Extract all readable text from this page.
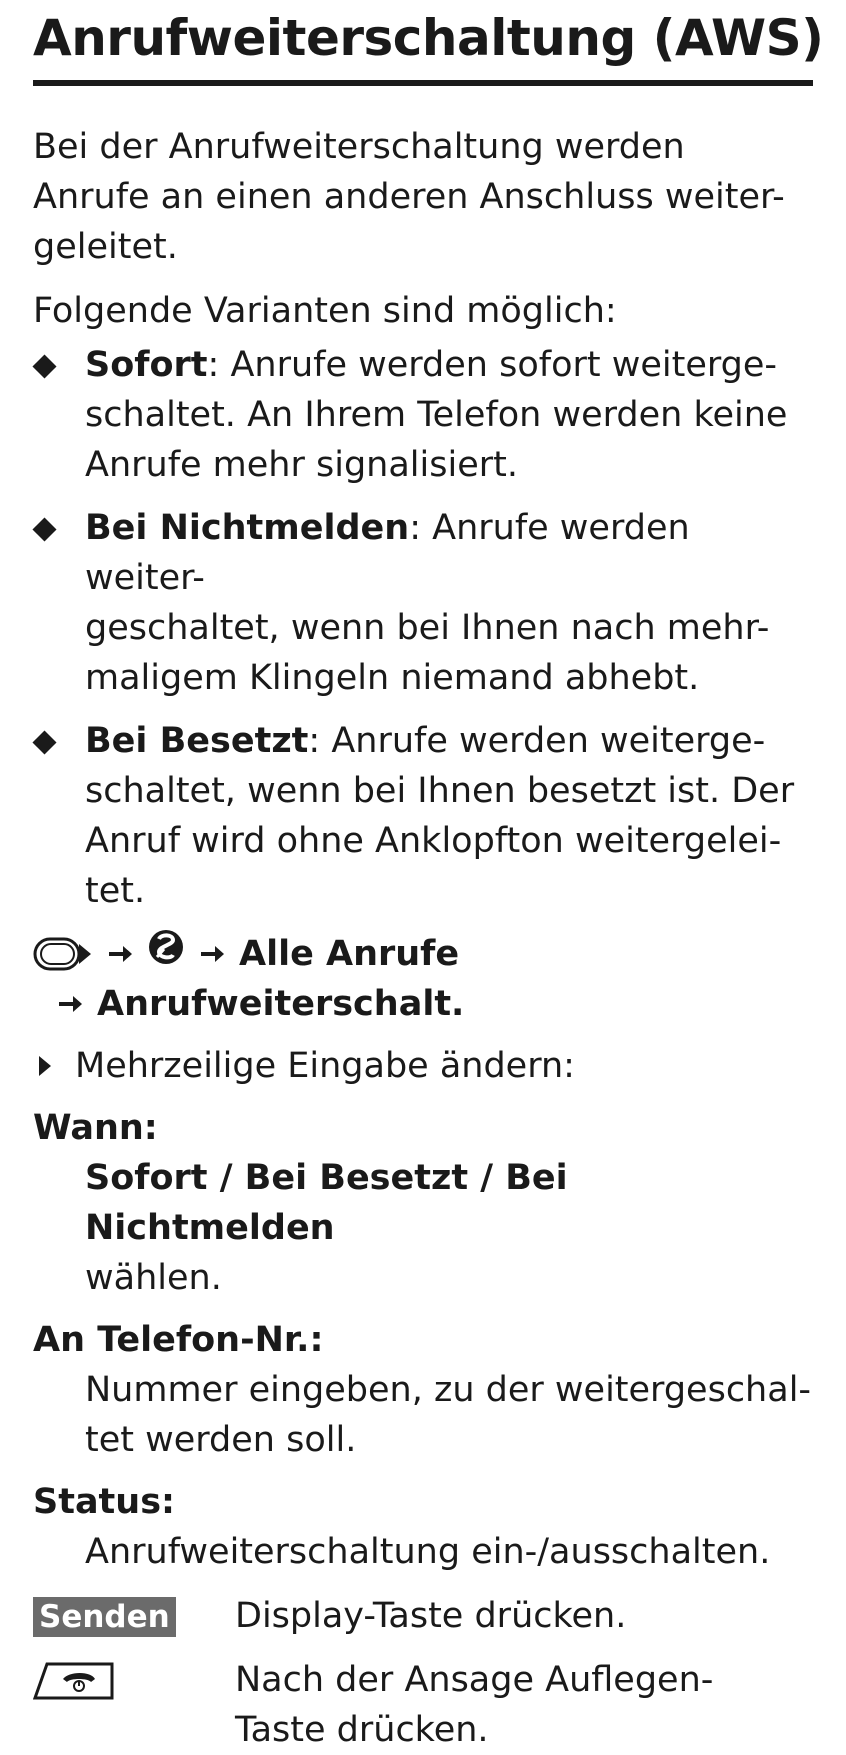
Anrufweiterschaltung (AWS)

Bei der Anrufweiterschaltung werden
Anrufe an einen anderen Anschluss weiter-
geleitet.

Folgende Varianten sind möglich:

Sofort: Anrufe werden sofort weiterge-
schaltet. An Ihrem Telefon werden keine
Anrufe mehr signalisiert.
Bei Nichtmelden: Anrufe werden weiter-
geschaltet, wenn bei Ihnen nach mehr-
maligem Klingeln niemand abhebt.
Bei Besetzt: Anrufe werden weiterge-
schaltet, wenn bei Ihnen besetzt ist. Der
Anruf wird ohne Anklopfton weitergelei-
tet.
Alle Anrufe
Anrufweiterschalt.
Mehrzeilige Eingabe ändern:
Wann:
Sofort / Bei Besetzt / Bei Nichtmelden
wählen.
An Telefon-Nr.:
Nummer eingeben, zu der weitergeschal-
tet werden soll.
Status:
Anrufweiterschaltung ein-/ausschalten.
Senden	Display-Taste drücken.
Nach der Ansage Auflegen-
Taste drücken.
